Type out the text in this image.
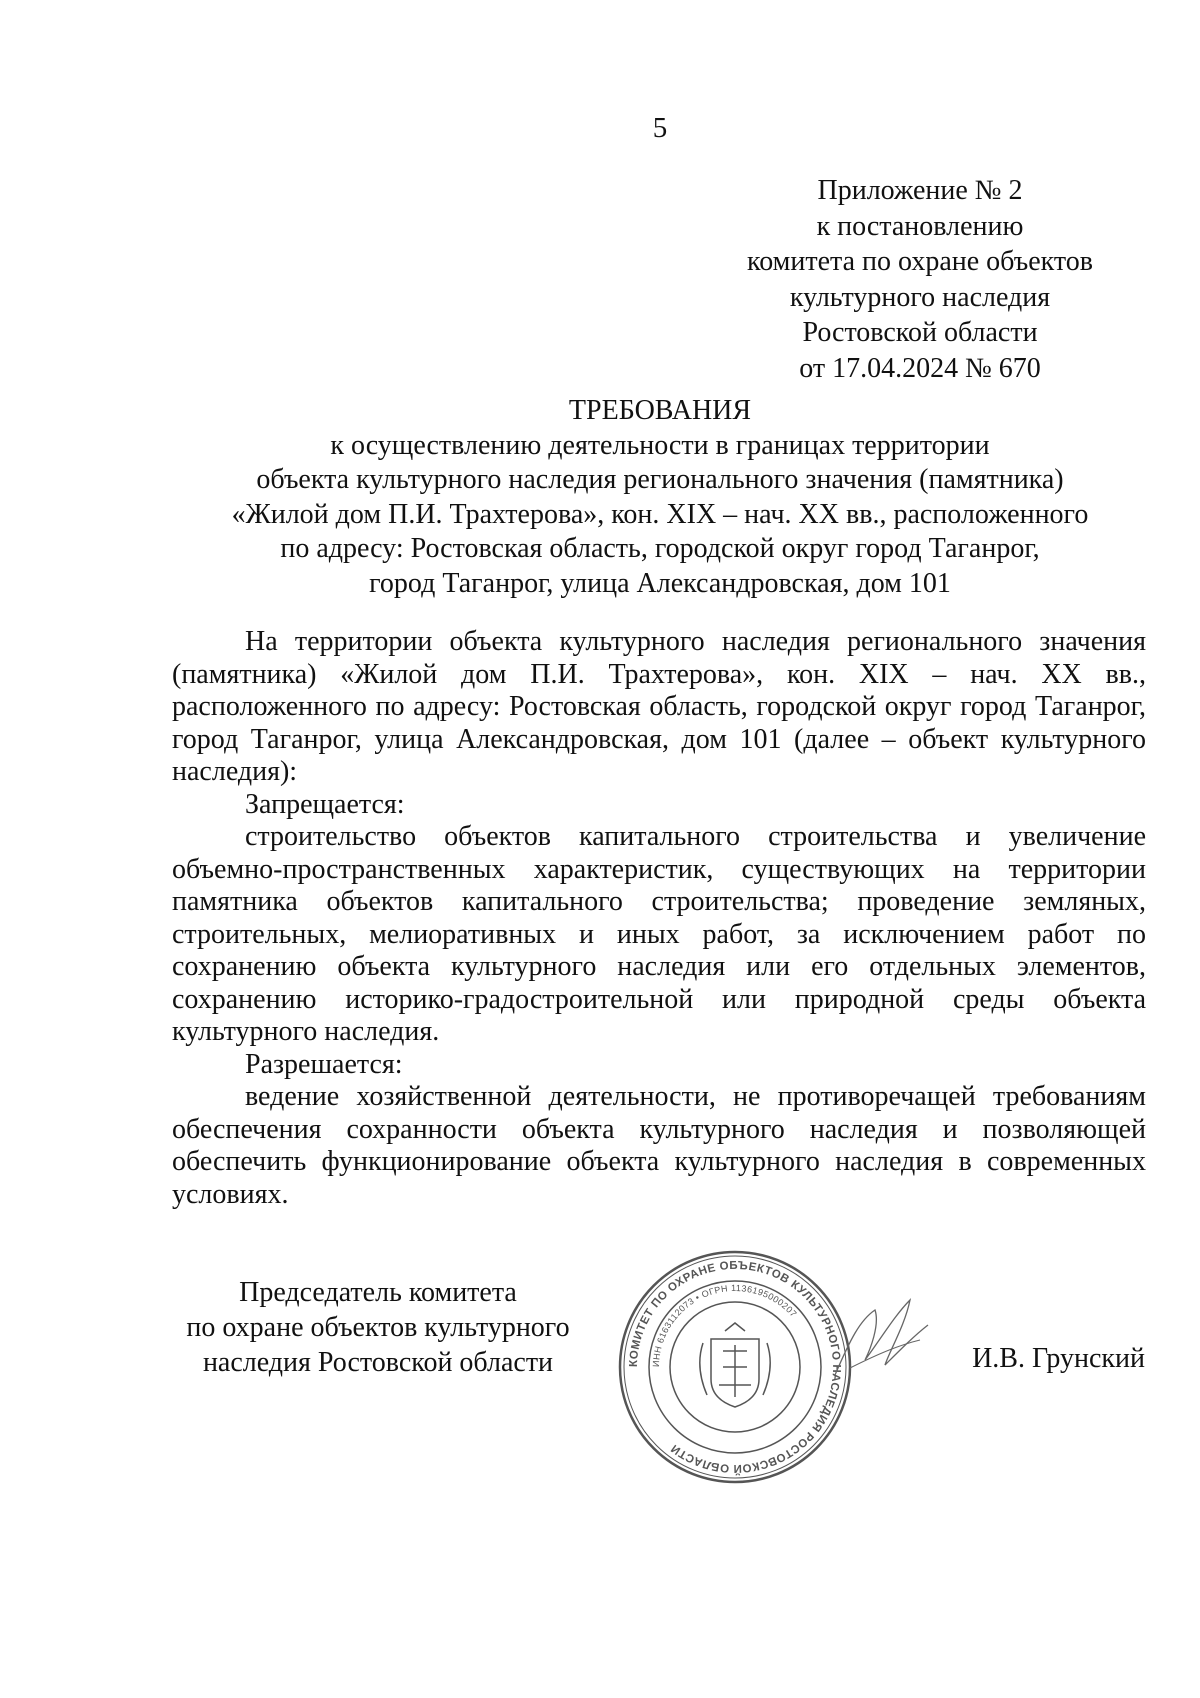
5
Приложение № 2
к постановлению
комитета по охране объектов
культурного наследия
Ростовской области
от 17.04.2024 № 670
ТРЕБОВАНИЯ
к осуществлению деятельности в границах территории
объекта культурного наследия регионального значения (памятника)
«Жилой дом П.И. Трахтерова», кон. XIX – нач. XX вв., расположенного
по адресу: Ростовская область, городской округ город Таганрог,
город Таганрог, улица Александровская, дом 101

На территории объекта культурного наследия регионального значения (памятника) «Жилой дом П.И. Трахтерова», кон. XIX – нач. XX вв., расположенного по адресу: Ростовская область, городской округ город Таганрог, город Таганрог, улица Александровская, дом 101 (далее – объект культурного наследия):

Запрещается:

строительство объектов капитального строительства и увеличение объемно-пространственных характеристик, существующих на территории памятника объектов капитального строительства; проведение земляных, строительных, мелиоративных и иных работ, за исключением работ по сохранению объекта культурного наследия или его отдельных элементов, сохранению историко-градостроительной или природной среды объекта культурного наследия.

Разрешается:

ведение хозяйственной деятельности, не противоречащей требованиям обеспечения сохранности объекта культурного наследия и позволяющей обеспечить функционирование объекта культурного наследия в современных условиях.

Председатель комитета
по охране объектов культурного
наследия Ростовской области	КОМИТЕТ ПО ОХРАНЕ ОБЪЕКТОВ КУЛЬТУРНОГО НАСЛЕДИЯ РОСТОВСКОЙ ОБЛАСТИ
ИНН 6163112073 • ОГРН 1136195000207
И.В. Грунский
